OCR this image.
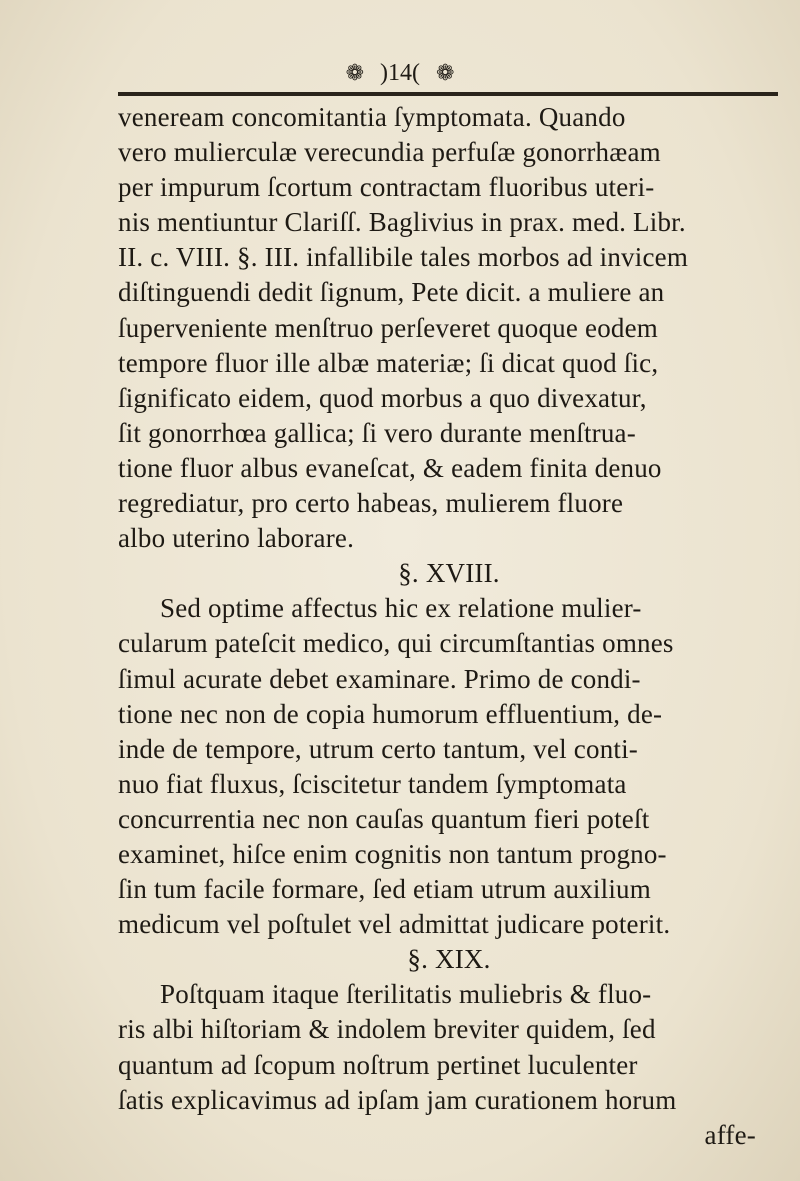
❁ )14( ❁
veneream concomitantia ſymptomata. Quando
vero mulierculæ verecundia perfuſæ gonorrhæam
per impurum ſcortum contractam fluoribus uteri-
nis mentiuntur Clariſſ. Baglivius in prax. med. Libr.
II. c. VIII. §. III. infallibile tales morbos ad invicem
diſtinguendi dedit ſignum, Pete dicit. a muliere an
ſuperveniente menſtruo perſeveret quoque eodem
tempore fluor ille albæ materiæ; ſi dicat quod ſic,
ſignificato eidem, quod morbus a quo divexatur,
ſit gonorrhœa gallica; ſi vero durante menſtrua-
tione fluor albus evaneſcat, & eadem finita denuo
regrediatur, pro certo habeas, mulierem fluore
albo uterino laborare.
§. XVIII.
Sed optime affectus hic ex relatione mulier-
cularum pateſcit medico, qui circumſtantias omnes
ſimul acurate debet examinare. Primo de condi-
tione nec non de copia humorum effluentium, de-
inde de tempore, utrum certo tantum, vel conti-
nuo fiat fluxus, ſciscitetur tandem ſymptomata
concurrentia nec non cauſas quantum fieri poteſt
examinet, hiſce enim cognitis non tantum progno-
ſin tum facile formare, ſed etiam utrum auxilium
medicum vel poſtulet vel admittat judicare poterit.
§. XIX.
Poſtquam itaque ſterilitatis muliebris & fluo-
ris albi hiſtoriam & indolem breviter quidem, ſed
quantum ad ſcopum noſtrum pertinet luculenter
ſatis explicavimus ad ipſam jam curationem horum
affe-
